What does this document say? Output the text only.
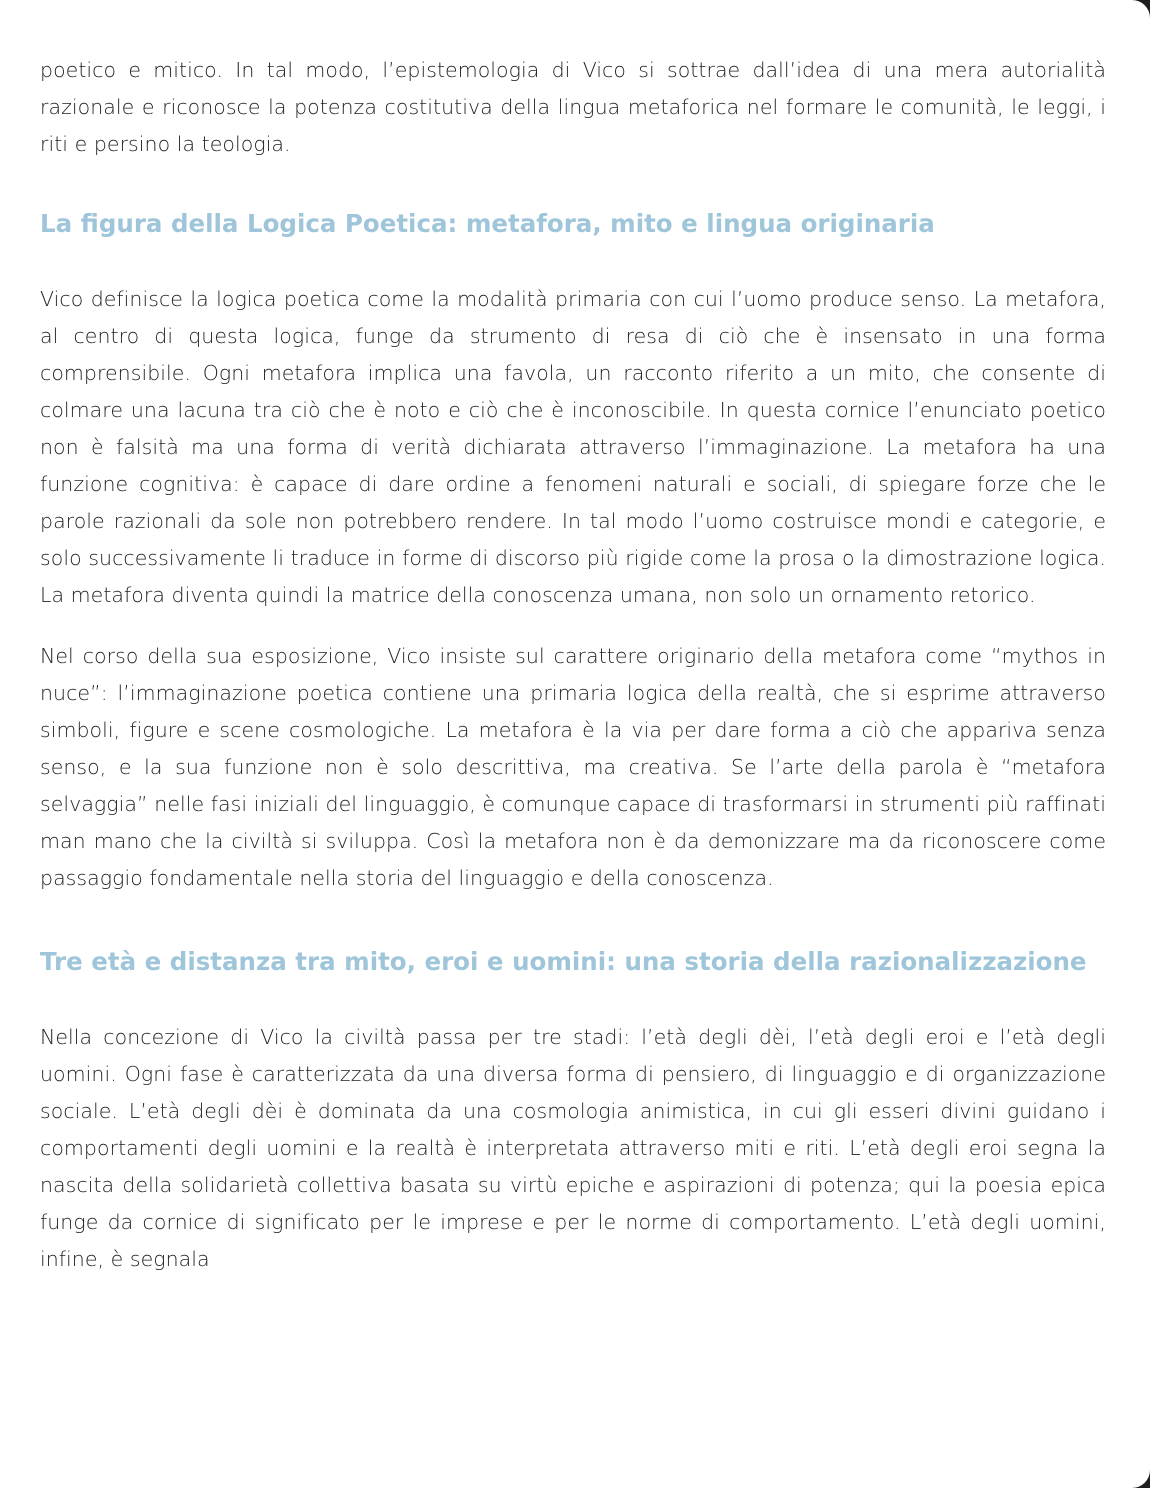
poetico e mitico. In tal modo, l’epistemologia di Vico si sottrae dall’idea di una mera autorialità razionale e riconosce la potenza costitutiva della lingua metaforica nel formare le comunità, le leggi, i riti e persino la teologia.

La figura della Logica Poetica: metafora, mito e lingua originaria

Vico definisce la logica poetica come la modalità primaria con cui l’uomo produce senso. La metafora, al centro di questa logica, funge da strumento di resa di ciò che è insensato in una forma comprensibile. Ogni metafora implica una favola, un racconto riferito a un mito, che consente di colmare una lacuna tra ciò che è noto e ciò che è inconoscibile. In questa cornice l’enunciato poetico non è falsità ma una forma di verità dichiarata attraverso l’immaginazione. La metafora ha una funzione cognitiva: è capace di dare ordine a fenomeni naturali e sociali, di spiegare forze che le parole razionali da sole non potrebbero rendere. In tal modo l’uomo costruisce mondi e categorie, e solo successivamente li traduce in forme di discorso più rigide come la prosa o la dimostrazione logica. La metafora diventa quindi la matrice della conoscenza umana, non solo un ornamento retorico.

Nel corso della sua esposizione, Vico insiste sul carattere originario della metafora come “mythos in nuce”: l’immaginazione poetica contiene una primaria logica della realtà, che si esprime attraverso simboli, figure e scene cosmologiche. La metafora è la via per dare forma a ciò che appariva senza senso, e la sua funzione non è solo descrittiva, ma creativa. Se l’arte della parola è “metafora selvaggia” nelle fasi iniziali del linguaggio, è comunque capace di trasformarsi in strumenti più raffinati man mano che la civiltà si sviluppa. Così la metafora non è da demonizzare ma da riconoscere come passaggio fondamentale nella storia del linguaggio e della conoscenza.

Tre età e distanza tra mito, eroi e uomini: una storia della razionalizzazione

Nella concezione di Vico la civiltà passa per tre stadi: l’età degli dèi, l’età degli eroi e l’età degli uomini. Ogni fase è caratterizzata da una diversa forma di pensiero, di linguaggio e di organizzazione sociale. L’età degli dèi è dominata da una cosmologia animistica, in cui gli esseri divini guidano i comportamenti degli uomini e la realtà è interpretata attraverso miti e riti. L’età degli eroi segna la nascita della solidarietà collettiva basata su virtù epiche e aspirazioni di potenza; qui la poesia epica funge da cornice di significato per le imprese e per le norme di comportamento. L’età degli uomini, infine, è segnala
